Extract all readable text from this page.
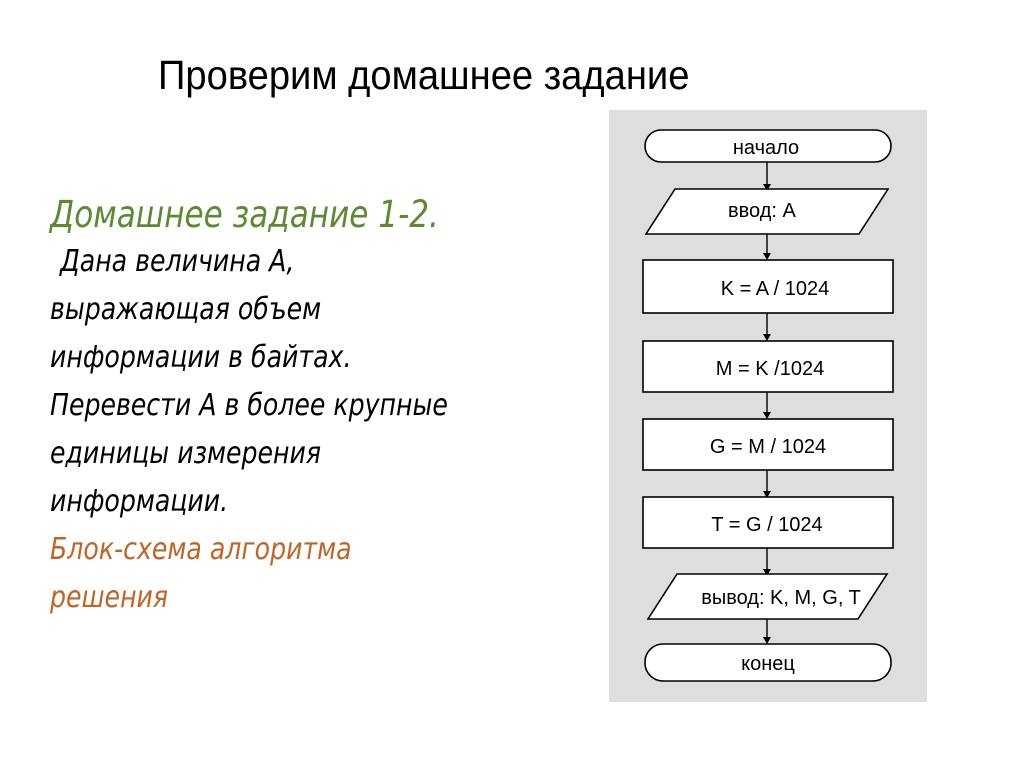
Проверим домашнее задание
Домашнее задание 1-2.
Дана величина А,
выражающая объем
информации в байтах.
Перевести А в более крупные
единицы измерения
информации.
Блок-схема алгоритма
решения
начало
ввод: А
K = A / 1024
M = K /1024
G = M / 1024
T = G / 1024
вывод: K, M, G, T
конец
